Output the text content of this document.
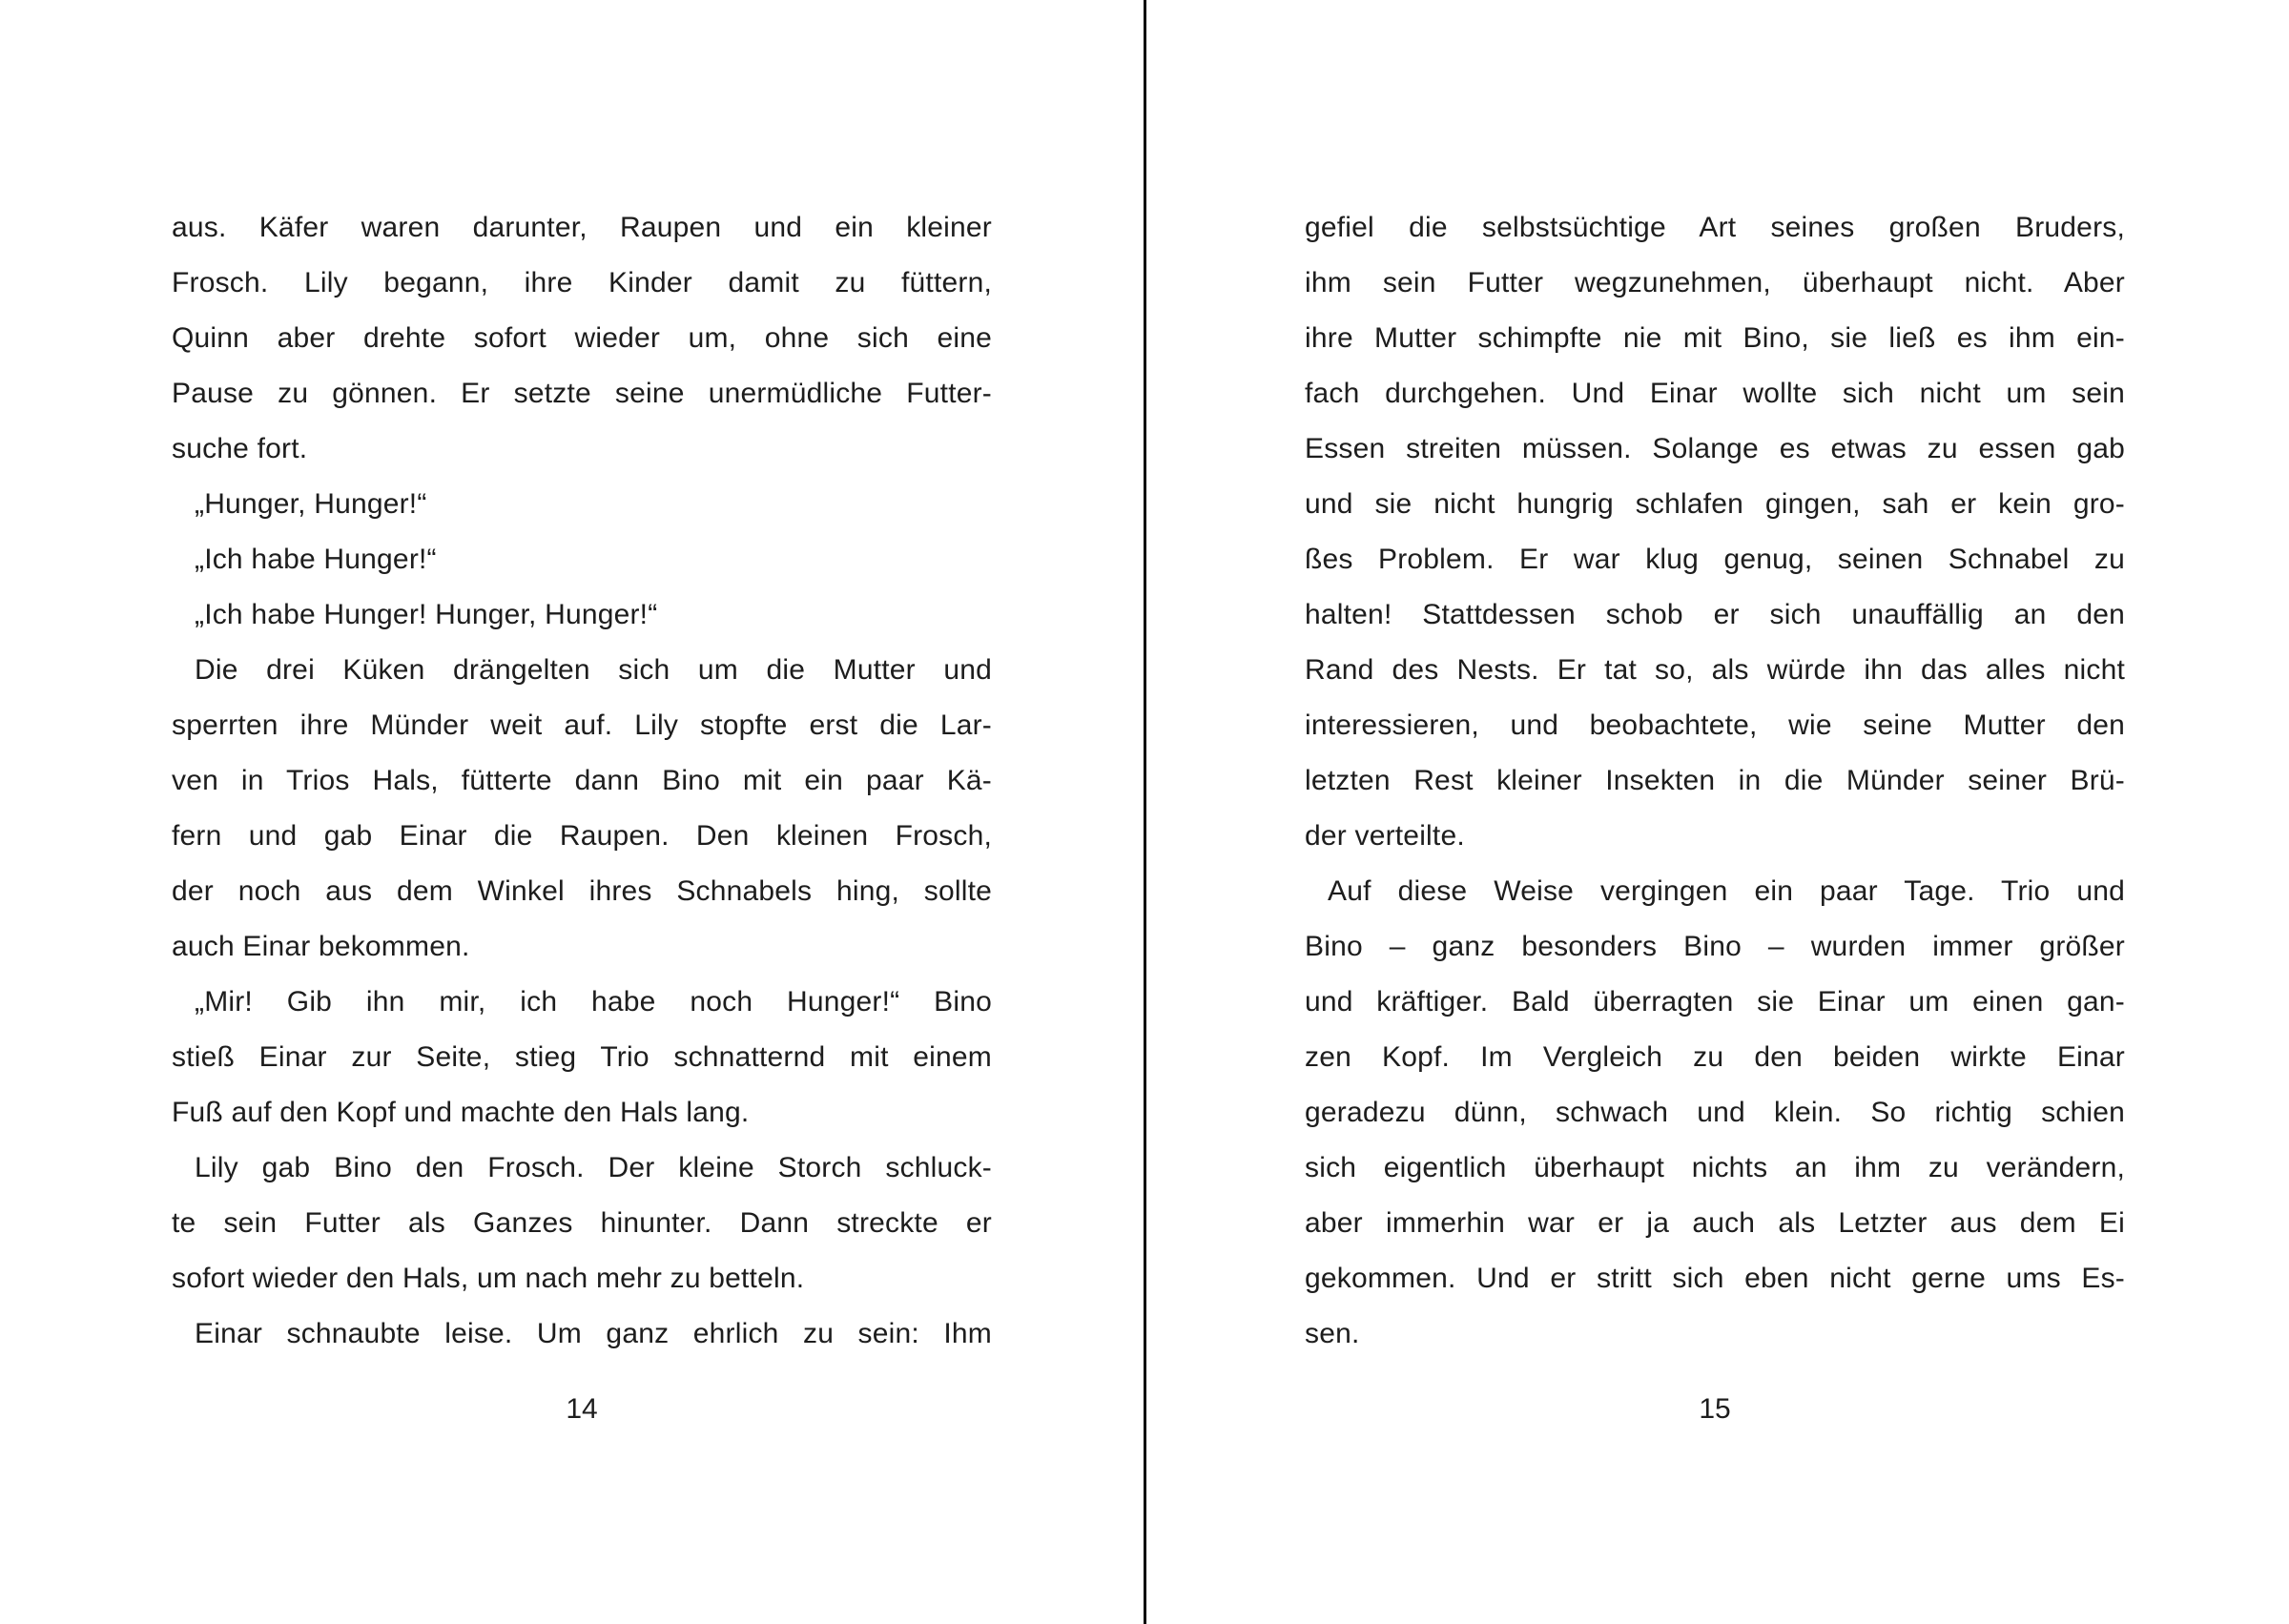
aus. Käfer waren darunter, Raupen und ein kleiner
Frosch. Lily begann, ihre Kinder damit zu füttern,
Quinn aber drehte sofort wieder um, ohne sich eine
Pause zu gönnen. Er setzte seine unermüdliche Futter-
suche fort.
„Hunger, Hunger!“
„Ich habe Hunger!“
„Ich habe Hunger! Hunger, Hunger!“
Die drei Küken drängelten sich um die Mutter und
sperrten ihre Münder weit auf. Lily stopfte erst die Lar-
ven in Trios Hals, fütterte dann Bino mit ein paar Kä-
fern und gab Einar die Raupen. Den kleinen Frosch,
der noch aus dem Winkel ihres Schnabels hing, sollte
auch Einar bekommen.
„Mir! Gib ihn mir, ich habe noch Hunger!“ Bino
stieß Einar zur Seite, stieg Trio schnatternd mit einem
Fuß auf den Kopf und machte den Hals lang.
Lily gab Bino den Frosch. Der kleine Storch schluck-
te sein Futter als Ganzes hinunter. Dann streckte er
sofort wieder den Hals, um nach mehr zu betteln.
Einar schnaubte leise. Um ganz ehrlich zu sein: Ihm
14
gefiel die selbstsüchtige Art seines großen Bruders,
ihm sein Futter wegzunehmen, überhaupt nicht. Aber
ihre Mutter schimpfte nie mit Bino, sie ließ es ihm ein-
fach durchgehen. Und Einar wollte sich nicht um sein
Essen streiten müssen. Solange es etwas zu essen gab
und sie nicht hungrig schlafen gingen, sah er kein gro-
ßes Problem. Er war klug genug, seinen Schnabel zu
halten! Stattdessen schob er sich unauffällig an den
Rand des Nests. Er tat so, als würde ihn das alles nicht
interessieren, und beobachtete, wie seine Mutter den
letzten Rest kleiner Insekten in die Münder seiner Brü-
der verteilte.
Auf diese Weise vergingen ein paar Tage. Trio und
Bino – ganz besonders Bino – wurden immer größer
und kräftiger. Bald überragten sie Einar um einen gan-
zen Kopf. Im Vergleich zu den beiden wirkte Einar
geradezu dünn, schwach und klein. So richtig schien
sich eigentlich überhaupt nichts an ihm zu verändern,
aber immerhin war er ja auch als Letzter aus dem Ei
gekommen. Und er stritt sich eben nicht gerne ums Es-
sen.
15
